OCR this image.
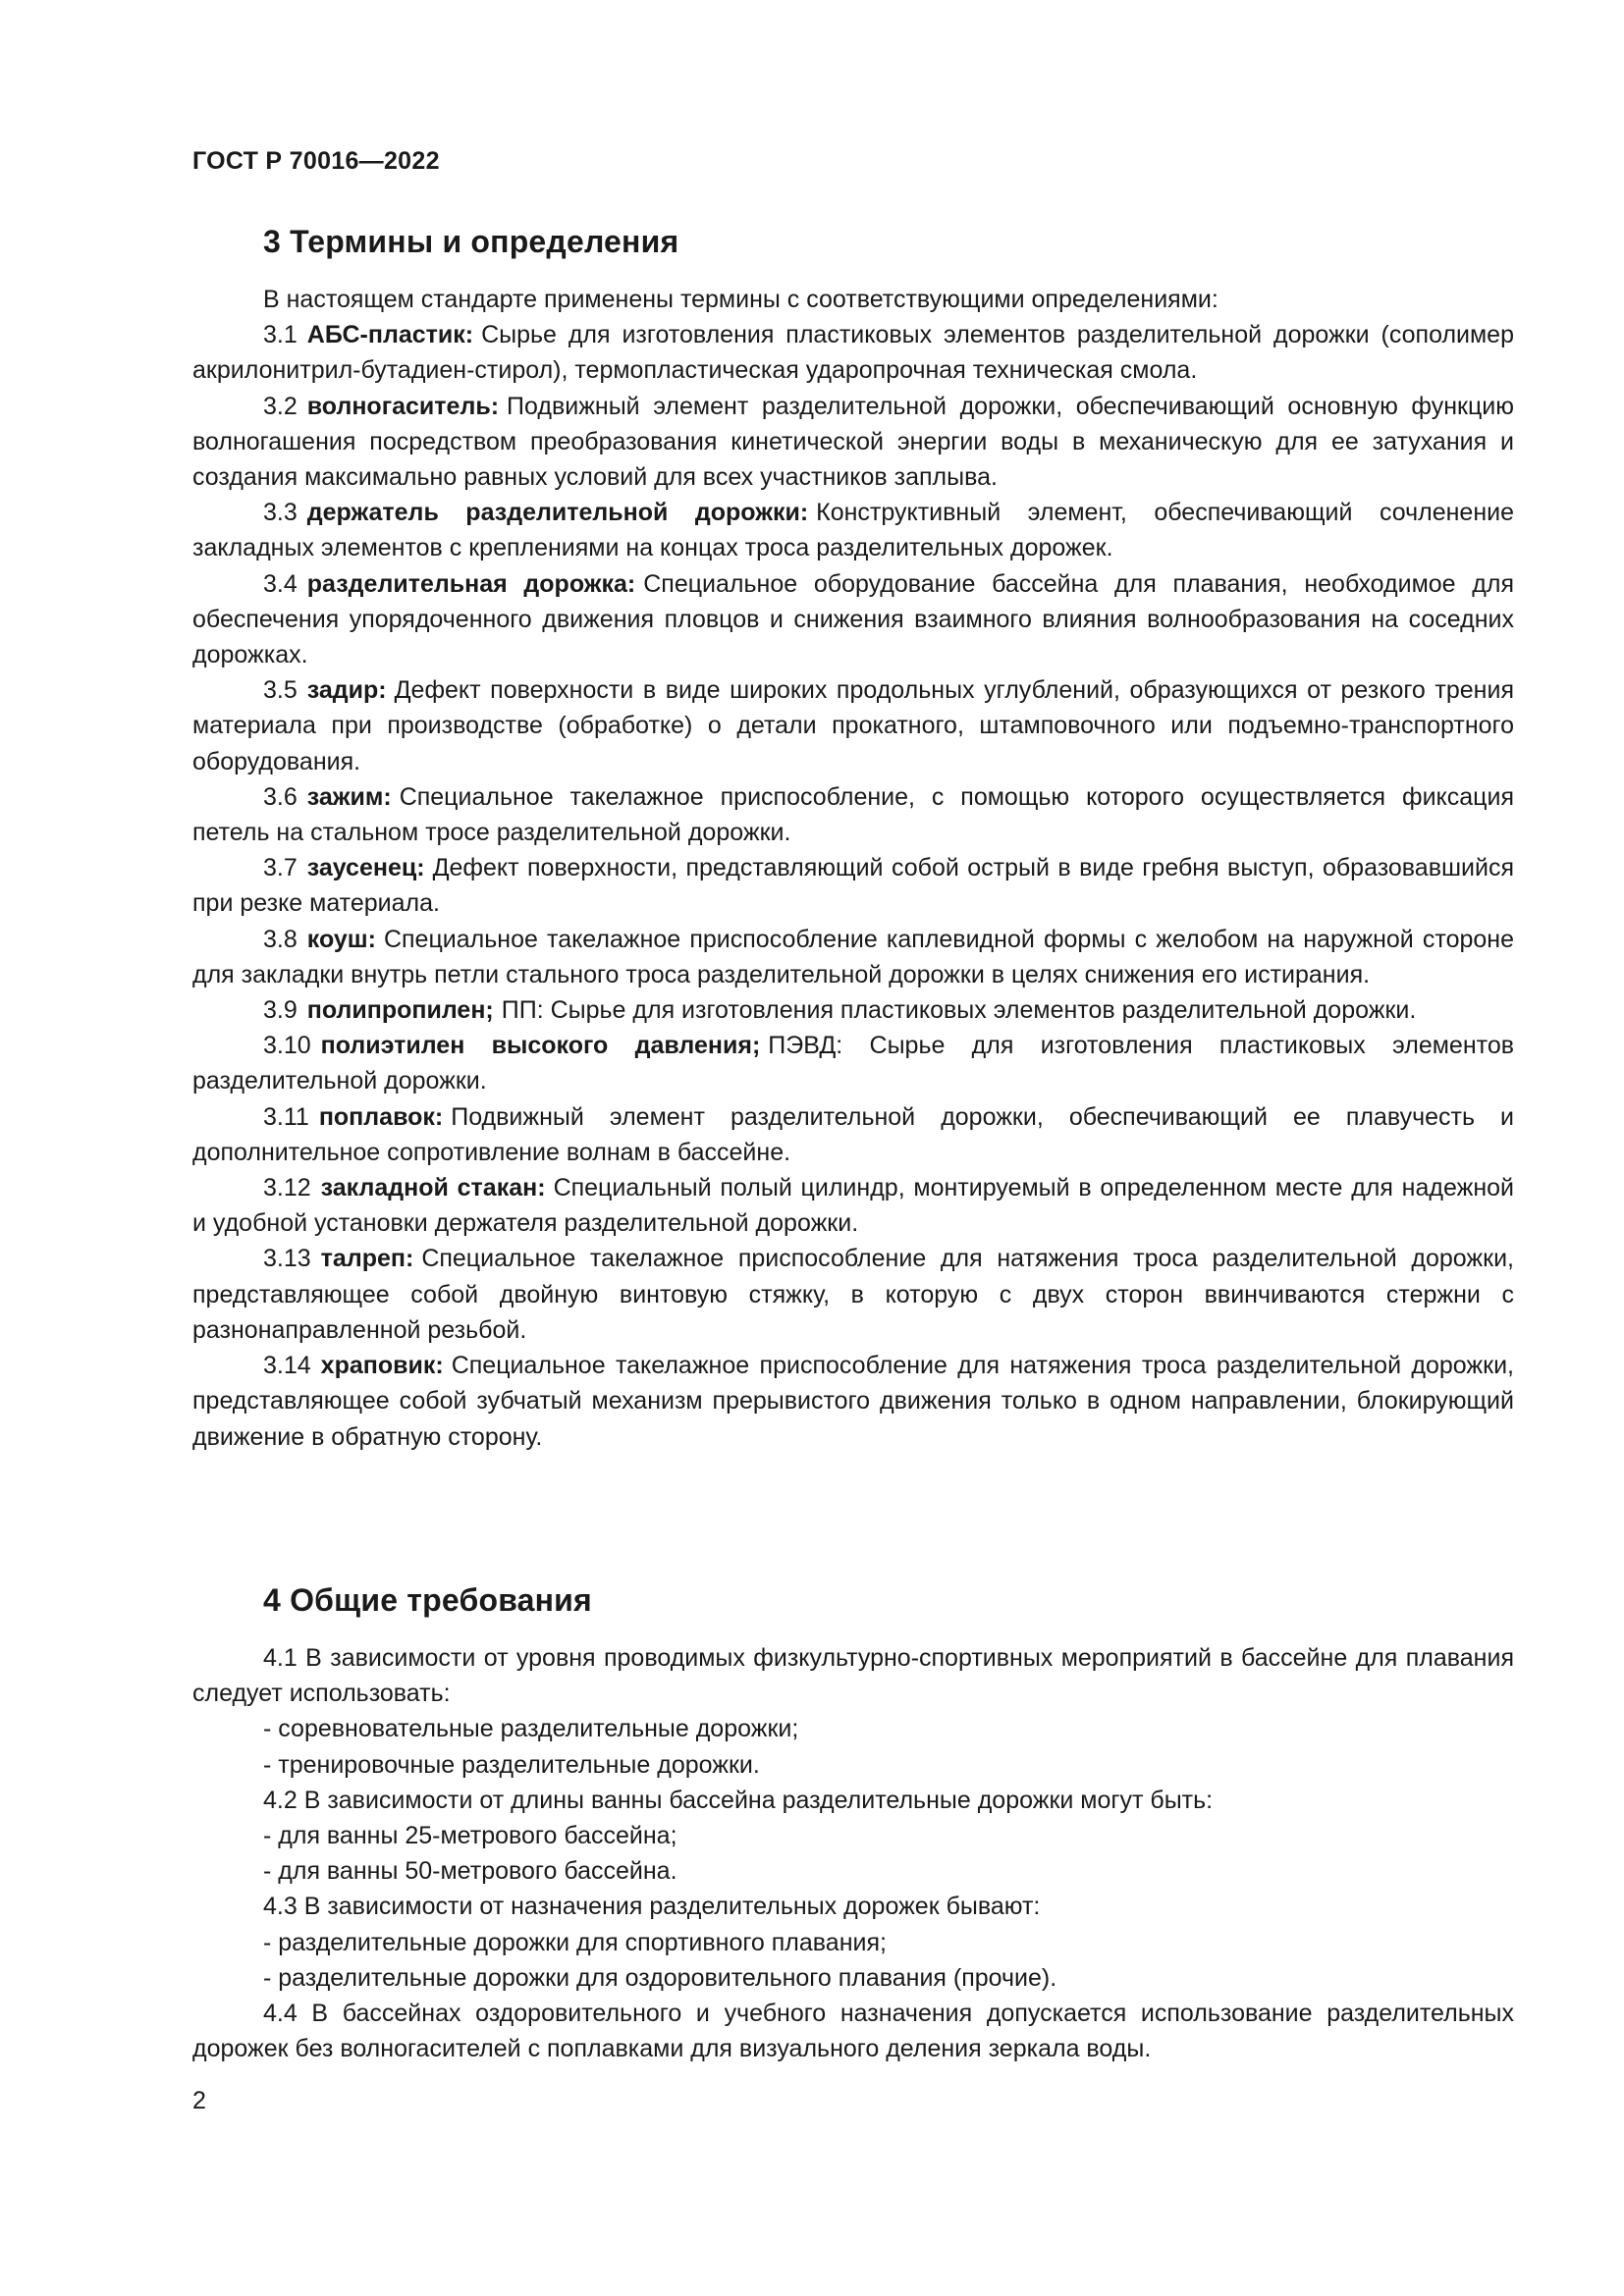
ГОСТ Р 70016—2022
3 Термины и определения

В настоящем стандарте применены термины с соответствующими определениями:

3.1 АБС-пластик: Сырье для изготовления пластиковых элементов разделительной дорожки (сополимер акрилонитрил-бутадиен-стирол), термопластическая ударопрочная техническая смола.

3.2 волногаситель: Подвижный элемент разделительной дорожки, обеспечивающий основную функцию волногашения посредством преобразования кинетической энергии воды в механическую для ее затухания и создания максимально равных условий для всех участников заплыва.

3.3 держатель разделительной дорожки: Конструктивный элемент, обеспечивающий сочленение закладных элементов с креплениями на концах троса разделительных дорожек.

3.4 разделительная дорожка: Специальное оборудование бассейна для плавания, необходимое для обеспечения упорядоченного движения пловцов и снижения взаимного влияния волнообразования на соседних дорожках.

3.5 задир: Дефект поверхности в виде широких продольных углублений, образующихся от резкого трения материала при производстве (обработке) о детали прокатного, штамповочного или подъемно-транспортного оборудования.

3.6 зажим: Специальное такелажное приспособление, с помощью которого осуществляется фиксация петель на стальном тросе разделительной дорожки.

3.7 заусенец: Дефект поверхности, представляющий собой острый в виде гребня выступ, образовавшийся при резке материала.

3.8 коуш: Специальное такелажное приспособление каплевидной формы с желобом на наружной стороне для закладки внутрь петли стального троса разделительной дорожки в целях снижения его истирания.

3.9 полипропилен; ПП: Сырье для изготовления пластиковых элементов разделительной дорожки.

3.10 полиэтилен высокого давления; ПЭВД: Сырье для изготовления пластиковых элементов разделительной дорожки.

3.11 поплавок: Подвижный элемент разделительной дорожки, обеспечивающий ее плавучесть и дополнительное сопротивление волнам в бассейне.

3.12 закладной стакан: Специальный полый цилиндр, монтируемый в определенном месте для надежной и удобной установки держателя разделительной дорожки.

3.13 талреп: Специальное такелажное приспособление для натяжения троса разделительной дорожки, представляющее собой двойную винтовую стяжку, в которую с двух сторон ввинчиваются стержни с разнонаправленной резьбой.

3.14 храповик: Специальное такелажное приспособление для натяжения троса разделительной дорожки, представляющее собой зубчатый механизм прерывистого движения только в одном направлении, блокирующий движение в обратную сторону.

4 Общие требования

4.1 В зависимости от уровня проводимых физкультурно-спортивных мероприятий в бассейне для плавания следует использовать:

- соревновательные разделительные дорожки;

- тренировочные разделительные дорожки.

4.2 В зависимости от длины ванны бассейна разделительные дорожки могут быть:

- для ванны 25-метрового бассейна;

- для ванны 50-метрового бассейна.

4.3 В зависимости от назначения разделительных дорожек бывают:

- разделительные дорожки для спортивного плавания;

- разделительные дорожки для оздоровительного плавания (прочие).

4.4 В бассейнах оздоровительного и учебного назначения допускается использование разделительных дорожек без волногасителей с поплавками для визуального деления зеркала воды.

2
